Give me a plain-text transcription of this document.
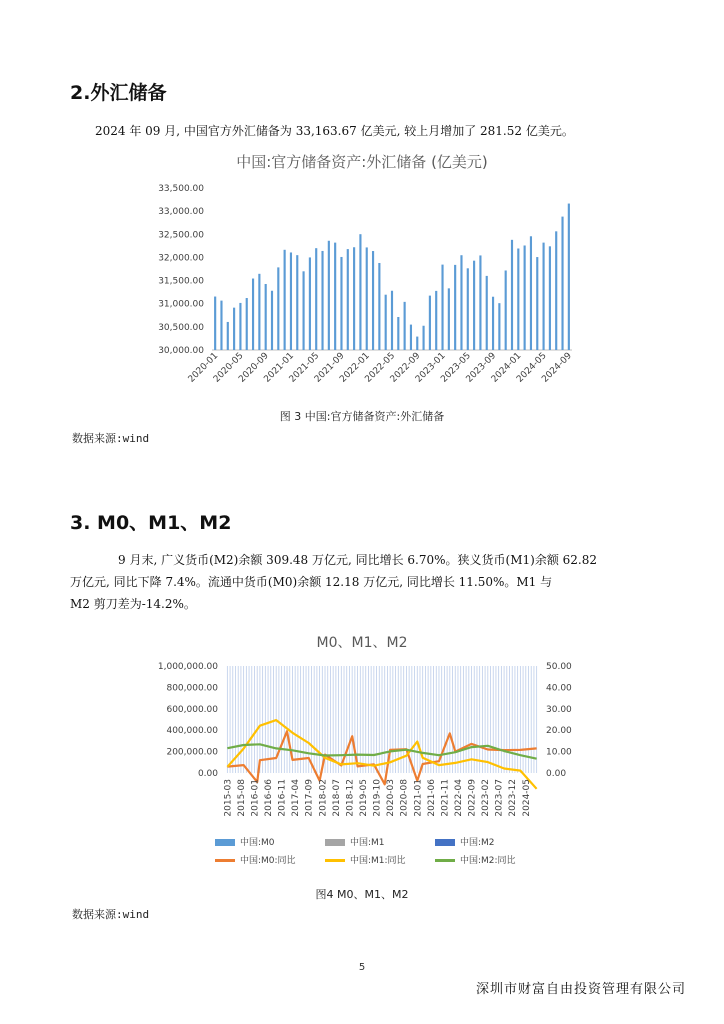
2.外汇储备
2024 年 09 月, 中国官方外汇储备为 33,163.67 亿美元, 较上月增加了 281.52 亿美元。
中国:官方储备资产:外汇储备 (亿美元)
30,000.00
30,500.00
31,000.00
31,500.00
32,000.00
32,500.00
33,000.00
33,500.00
2020-01
2020-05
2020-09
2021-01
2021-05
2021-09
2022-01
2022-05
2022-09
2023-01
2023-05
2023-09
2024-01
2024-05
2024-09
图 3 中国:官方储备资产:外汇储备
数据来源:wind
3. M0、M1、M2
9 月末, 广义货币(M2)余额 309.48 万亿元, 同比增长 6.70%。狭义货币(M1)余额 62.82
万亿元, 同比下降 7.4%。流通中货币(M0)余额 12.18 万亿元, 同比增长 11.50%。M1 与
M2 剪刀差为-14.2%。
M0、M1、M2
0.00
200,000.00
400,000.00
600,000.00
800,000.00
1,000,000.00
0.00
10.00
20.00
30.00
40.00
50.00
2015-03 2015-08 2016-01 2016-06 2016-11 2017-04 2017-09 2018-02 2018-07 2018-12 2019-05 2019-10 2020-03 2020-08 2021-01 2021-06 2021-11 2022-04 2022-09 2023-02 2023-07 2023-12 2024-05
中国:M0	中国:M1	中国:M2
中国:M0:同比	中国:M1:同比	中国:M2:同比
图4 M0、M1、M2
数据来源:wind
5
深圳市财富自由投资管理有限公司
